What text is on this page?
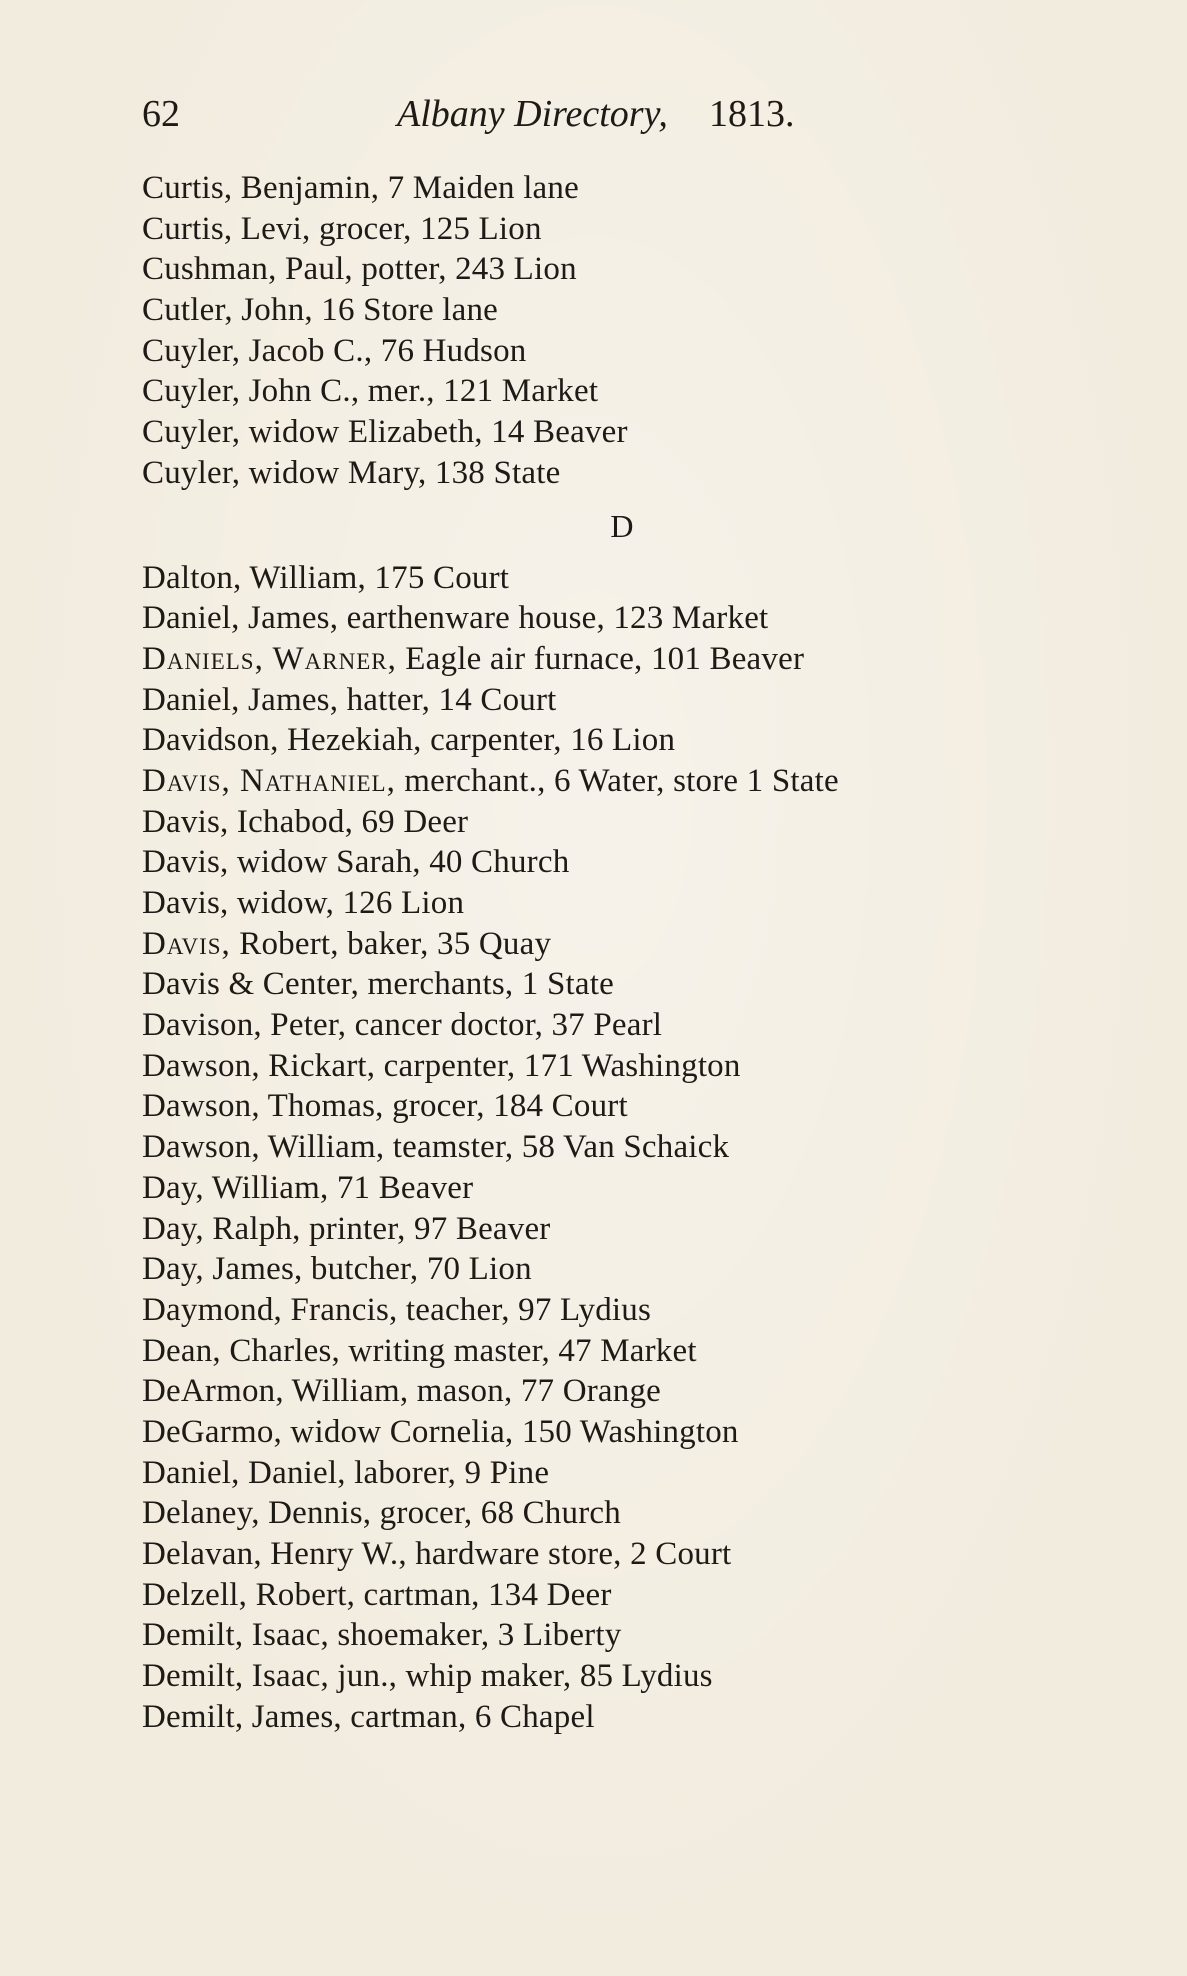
62	Albany Directory, 1813.
Curtis, Benjamin, 7 Maiden lane
Curtis, Levi, grocer, 125 Lion
Cushman, Paul, potter, 243 Lion
Cutler, John, 16 Store lane
Cuyler, Jacob C., 76 Hudson
Cuyler, John C., mer., 121 Market
Cuyler, widow Elizabeth, 14 Beaver
Cuyler, widow Mary, 138 State
D
Dalton, William, 175 Court
Daniel, James, earthenware house, 123 Market
Daniels, Warner, Eagle air furnace, 101 Beaver
Daniel, James, hatter, 14 Court
Davidson, Hezekiah, carpenter, 16 Lion
Davis, Nathaniel, merchant., 6 Water, store 1 State
Davis, Ichabod, 69 Deer
Davis, widow Sarah, 40 Church
Davis, widow, 126 Lion
Davis, Robert, baker, 35 Quay
Davis & Center, merchants, 1 State
Davison, Peter, cancer doctor, 37 Pearl
Dawson, Rickart, carpenter, 171 Washington
Dawson, Thomas, grocer, 184 Court
Dawson, William, teamster, 58 Van Schaick
Day, William, 71 Beaver
Day, Ralph, printer, 97 Beaver
Day, James, butcher, 70 Lion
Daymond, Francis, teacher, 97 Lydius
Dean, Charles, writing master, 47 Market
DeArmon, William, mason, 77 Orange
DeGarmo, widow Cornelia, 150 Washington
Daniel, Daniel, laborer, 9 Pine
Delaney, Dennis, grocer, 68 Church
Delavan, Henry W., hardware store, 2 Court
Delzell, Robert, cartman, 134 Deer
Demilt, Isaac, shoemaker, 3 Liberty
Demilt, Isaac, jun., whip maker, 85 Lydius
Demilt, James, cartman, 6 Chapel
